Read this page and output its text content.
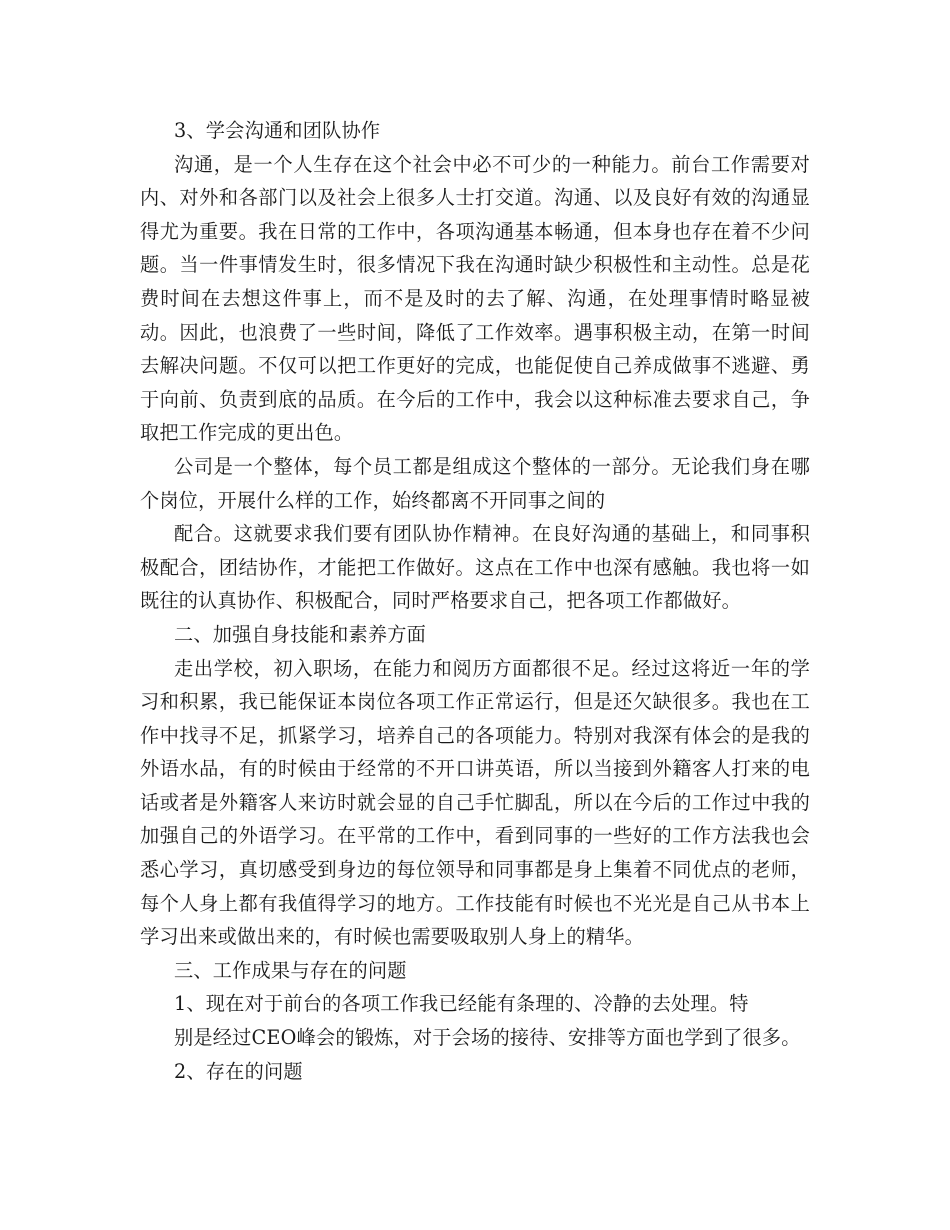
3、学会沟通和团队协作

沟通，是一个人生存在这个社会中必不可少的一种能力。前台工作需要对内、对外和各部门以及社会上很多人士打交道。沟通、以及良好有效的沟通显得尤为重要。我在日常的工作中，各项沟通基本畅通，但本身也存在着不少问题。当一件事情发生时，很多情况下我在沟通时缺少积极性和主动性。总是花费时间在去想这件事上，而不是及时的去了解、沟通，在处理事情时略显被动。因此，也浪费了一些时间，降低了工作效率。遇事积极主动，在第一时间去解决问题。不仅可以把工作更好的完成，也能促使自己养成做事不逃避、勇于向前、负责到底的品质。在今后的工作中，我会以这种标准去要求自己，争取把工作完成的更出色。

公司是一个整体，每个员工都是组成这个整体的一部分。无论我们身在哪个岗位，开展什么样的工作，始终都离不开同事之间的

配合。这就要求我们要有团队协作精神。在良好沟通的基础上，和同事积极配合，团结协作，才能把工作做好。这点在工作中也深有感触。我也将一如既往的认真协作、积极配合，同时严格要求自己，把各项工作都做好。

二、加强自身技能和素养方面

走出学校，初入职场，在能力和阅历方面都很不足。经过这将近一年的学习和积累，我已能保证本岗位各项工作正常运行，但是还欠缺很多。我也在工作中找寻不足，抓紧学习，培养自己的各项能力。特别对我深有体会的是我的外语水品，有的时候由于经常的不开口讲英语，所以当接到外籍客人打来的电话或者是外籍客人来访时就会显的自己手忙脚乱，所以在今后的工作过中我的加强自己的外语学习。在平常的工作中，看到同事的一些好的工作方法我也会悉心学习，真切感受到身边的每位领导和同事都是身上集着不同优点的老师，每个人身上都有我值得学习的地方。工作技能有时候也不光光是自己从书本上学习出来或做出来的，有时候也需要吸取别人身上的精华。

三、工作成果与存在的问题

1、现在对于前台的各项工作我已经能有条理的、冷静的去处理。特

别是经过CEO峰会的锻炼，对于会场的接待、安排等方面也学到了很多。

2、存在的问题
